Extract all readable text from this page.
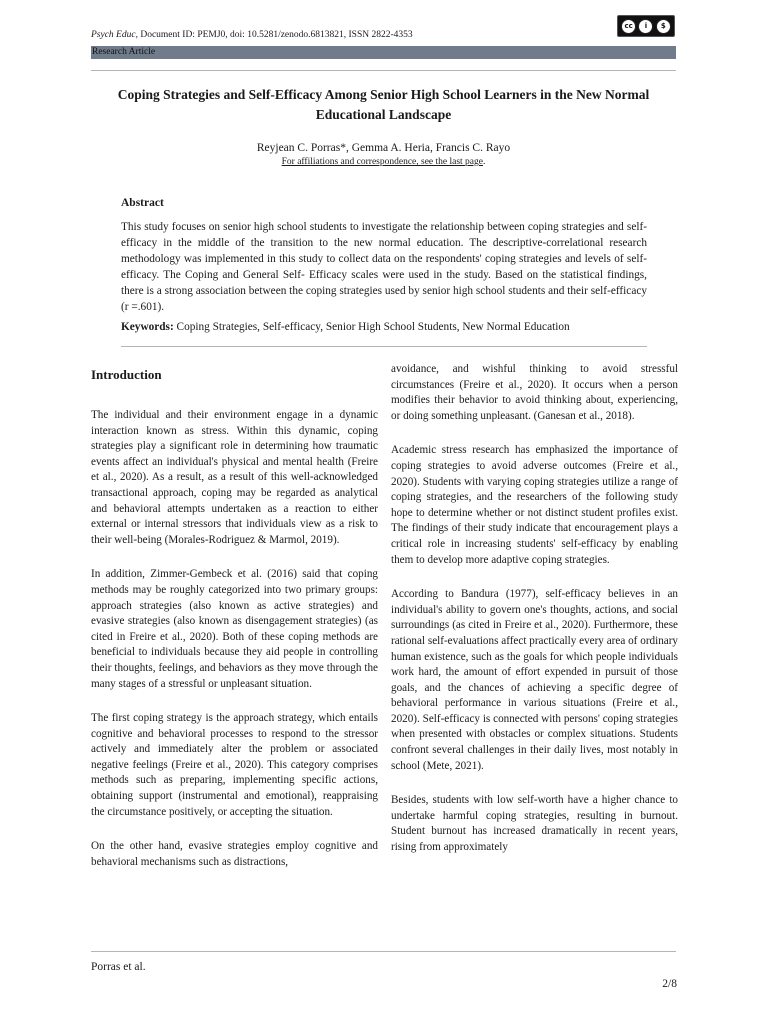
Psych Educ, Document ID: PEMJ0, doi: 10.5281/zenodo.6813821, ISSN 2822-4353
cc	i	$
Research Article
Coping Strategies and Self-Efficacy Among Senior High School Learners in the New Normal Educational Landscape
Reyjean C. Porras*, Gemma A. Heria, Francis C. Rayo
For affiliations and correspondence, see the last page.
Abstract
This study focuses on senior high school students to investigate the relationship between coping strategies and self-efficacy in the middle of the transition to the new normal education. The descriptive-correlational research methodology was implemented in this study to collect data on the respondents' coping strategies and levels of self-efficacy. The Coping and General Self- Efficacy scales were used in the study. Based on the statistical findings, there is a strong association between the coping strategies used by senior high school students and their self-efficacy (r =.601).
Keywords: Coping Strategies, Self-efficacy, Senior High School Students, New Normal Education
Introduction

The individual and their environment engage in a dynamic interaction known as stress. Within this dynamic, coping strategies play a significant role in determining how traumatic events affect an individual's physical and mental health (Freire et al., 2020). As a result, as a result of this well-acknowledged transactional approach, coping may be regarded as analytical and behavioral attempts undertaken as a reaction to either external or internal stressors that individuals view as a risk to their well-being (Morales-Rodriguez & Marmol, 2019).

In addition, Zimmer-Gembeck et al. (2016) said that coping methods may be roughly categorized into two primary groups: approach strategies (also known as active strategies) and evasive strategies (also known as disengagement strategies) (as cited in Freire et al., 2020). Both of these coping methods are beneficial to individuals because they aid people in controlling their thoughts, feelings, and behaviors as they move through the many stages of a stressful or unpleasant situation.

The first coping strategy is the approach strategy, which entails cognitive and behavioral processes to respond to the stressor actively and immediately alter the problem or associated negative feelings (Freire et al., 2020). This category comprises methods such as preparing, implementing specific actions, obtaining support (instrumental and emotional), reappraising the circumstance positively, or accepting the situation.

On the other hand, evasive strategies employ cognitive and behavioral mechanisms such as distractions,

avoidance, and wishful thinking to avoid stressful circumstances (Freire et al., 2020). It occurs when a person modifies their behavior to avoid thinking about, experiencing, or doing something unpleasant. (Ganesan et al., 2018).

Academic stress research has emphasized the importance of coping strategies to avoid adverse outcomes (Freire et al., 2020). Students with varying coping strategies utilize a range of coping strategies, and the researchers of the following study hope to determine whether or not distinct student profiles exist. The findings of their study indicate that encouragement plays a critical role in increasing students' self-efficacy by enabling them to develop more adaptive coping strategies.

According to Bandura (1977), self-efficacy believes in an individual's ability to govern one's thoughts, actions, and social surroundings (as cited in Freire et al., 2020). Furthermore, these rational self-evaluations affect practically every area of ordinary human existence, such as the goals for which people individuals work hard, the amount of effort expended in pursuit of those goals, and the chances of achieving a specific degree of behavioral performance in various situations (Freire et al., 2020). Self-efficacy is connected with persons' coping strategies when presented with obstacles or complex situations. Students confront several challenges in their daily lives, most notably in school (Mete, 2021).

Besides, students with low self-worth have a higher chance to undertake harmful coping strategies, resulting in burnout. Student burnout has increased dramatically in recent years, rising from approximately

Porras et al.
2/8
